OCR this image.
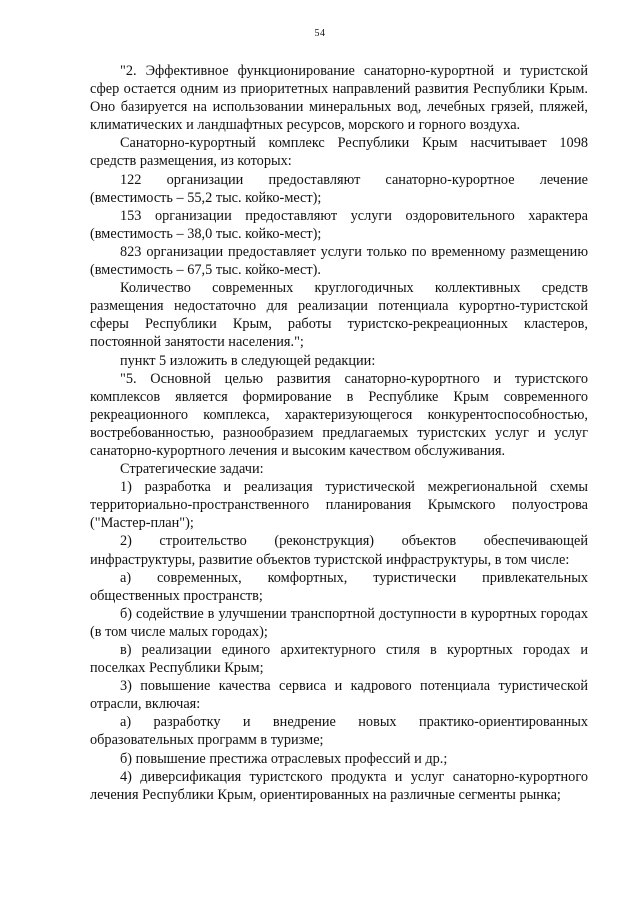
54

"2. Эффективное функционирование санаторно-курортной и туристской сфер остается одним из приоритетных направлений развития Республики Крым. Оно базируется на использовании минеральных вод, лечебных грязей, пляжей, климатических и ландшафтных ресурсов, морского и горного воздуха.

Санаторно-курортный комплекс Республики Крым насчитывает 1098 средств размещения, из которых:

122 организации предоставляют санаторно-курортное лечение (вместимость – 55,2 тыс. койко-мест);

153 организации предоставляют услуги оздоровительного характера (вместимость – 38,0 тыс. койко-мест);

823 организации предоставляет услуги только по временному размещению (вместимость – 67,5 тыс. койко-мест).

Количество современных круглогодичных коллективных средств размещения недостаточно для реализации потенциала курортно-туристской сферы Республики Крым, работы туристско-рекреационных кластеров, постоянной занятости населения.";

пункт 5 изложить в следующей редакции:

"5. Основной целью развития санаторно-курортного и туристского комплексов является формирование в Республике Крым современного рекреационного комплекса, характеризующегося конкурентоспособностью, востребованностью, разнообразием предлагаемых туристских услуг и услуг санаторно-курортного лечения и высоким качеством обслуживания.

Стратегические задачи:

1) разработка и реализация туристической межрегиональной схемы территориально-пространственного планирования Крымского полуострова ("Мастер-план");

2) строительство (реконструкция) объектов обеспечивающей инфраструктуры, развитие объектов туристской инфраструктуры, в том числе:

а) современных, комфортных, туристически привлекательных общественных пространств;

б) содействие в улучшении транспортной доступности в курортных городах (в том числе малых городах);

в) реализации единого архитектурного стиля в курортных городах и поселках Республики Крым;

3) повышение качества сервиса и кадрового потенциала туристической отрасли, включая:

а) разработку и внедрение новых практико-ориентированных образовательных программ в туризме;

б) повышение престижа отраслевых профессий и др.;

4) диверсификация туристского продукта и услуг санаторно-курортного лечения Республики Крым, ориентированных на различные сегменты рынка;
